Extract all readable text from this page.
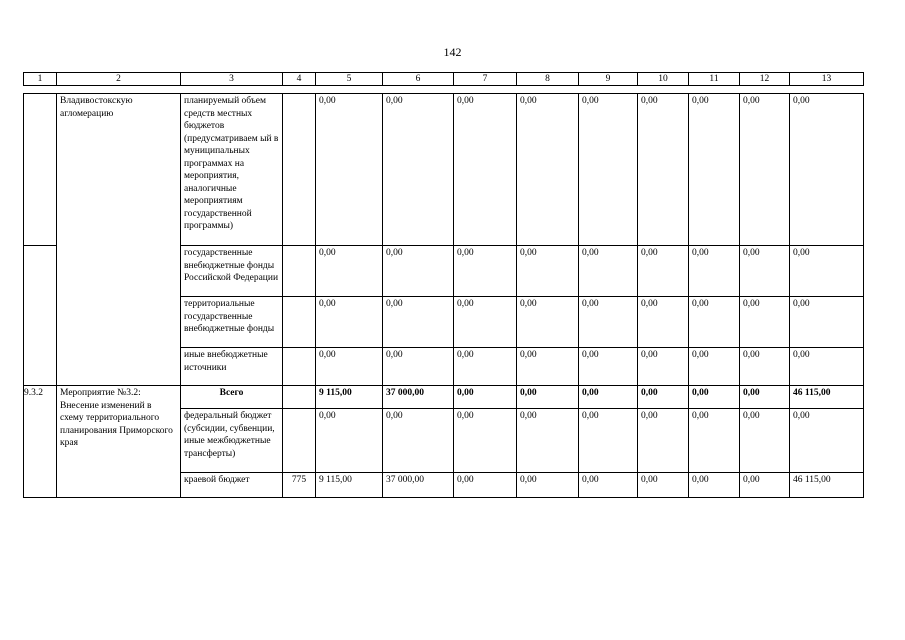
142
1	2	3	4	5	6	7	8	9	10	11	12	13
	Владивостокскую агломерацию	планируемый объем средств местных бюджетов (предусматриваем ый в муниципальных программах на мероприятия, аналогичные мероприятиям государственной программы)		0,00	0,00	0,00	0,00	0,00	0,00	0,00	0,00	0,00
		государственные внебюджетные фонды Российской Федерации		0,00	0,00	0,00	0,00	0,00	0,00	0,00	0,00	0,00
		территориальные государственные внебюджетные фонды		0,00	0,00	0,00	0,00	0,00	0,00	0,00	0,00	0,00
		иные внебюджетные источники		0,00	0,00	0,00	0,00	0,00	0,00	0,00	0,00	0,00
9.3.2	Мероприятие №3.2: Внесение изменений в схему территориального планирования Приморского края	Всего		9 115,00	37 000,00	0,00	0,00	0,00	0,00	0,00	0,00	46 115,00
		федеральный бюджет (субсидии, субвенции, иные межбюджетные трансферты)		0,00	0,00	0,00	0,00	0,00	0,00	0,00	0,00	0,00
		краевой бюджет	775	9 115,00	37 000,00	0,00	0,00	0,00	0,00	0,00	0,00	46 115,00
